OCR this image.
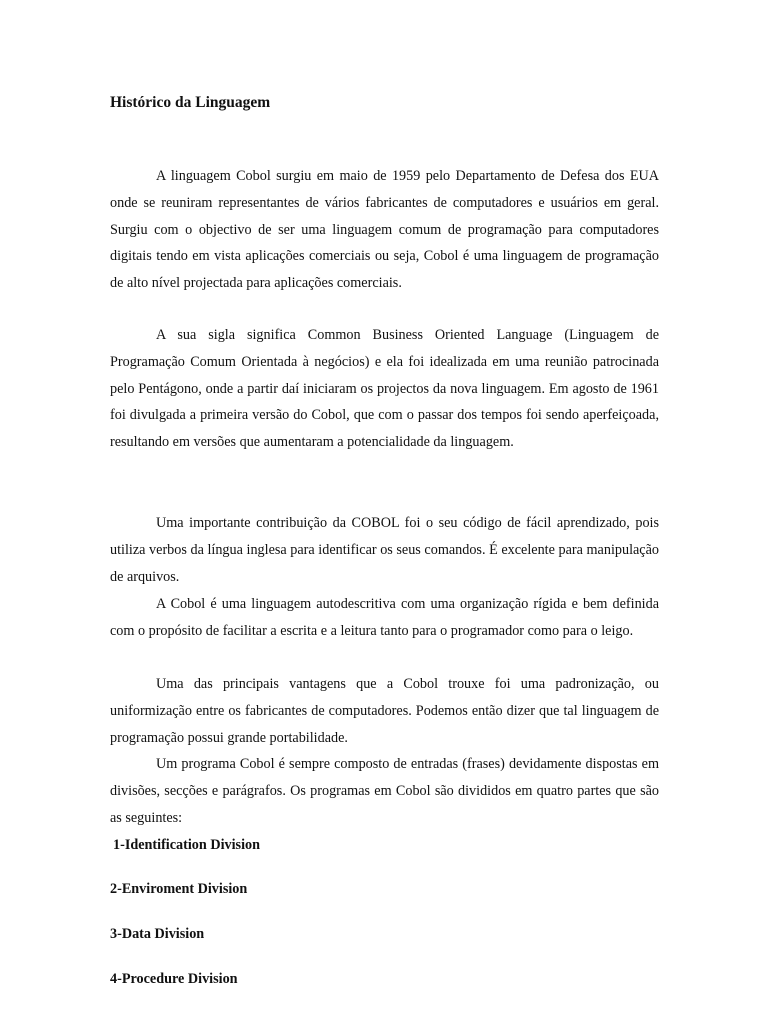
Histórico da Linguagem

A linguagem Cobol surgiu em maio de 1959 pelo Departamento de Defesa dos EUA onde se reuniram representantes de vários fabricantes de computadores e usuários em geral. Surgiu com o objectivo de ser uma linguagem comum de programação para computadores digitais tendo em vista aplicações comerciais ou seja, Cobol é uma linguagem de programação de alto nível projectada para aplicações comerciais.

A sua sigla significa Common Business Oriented Language (Linguagem de Programação Comum Orientada à negócios) e ela foi idealizada em uma reunião patrocinada pelo Pentágono, onde a partir daí iniciaram os projectos da nova linguagem. Em agosto de 1961 foi divulgada a primeira versão do Cobol, que com o passar dos tempos foi sendo aperfeiçoada, resultando em versões que aumentaram a potencialidade da linguagem.

Uma importante contribuição da COBOL foi o seu código de fácil aprendizado, pois utiliza verbos da língua inglesa para identificar os seus comandos. É excelente para manipulação de arquivos.

A Cobol é uma linguagem autodescritiva com uma organização rígida e bem definida com o propósito de facilitar a escrita e a leitura tanto para o programador como para o leigo.

Uma das principais vantagens que a Cobol trouxe foi uma padronização, ou uniformização entre os fabricantes de computadores. Podemos então dizer que tal linguagem de programação possui grande portabilidade.

Um programa Cobol é sempre composto de entradas (frases) devidamente dispostas em divisões, secções e parágrafos. Os programas em Cobol são divididos em quatro partes que são as seguintes:

1-Identification Division

2-Enviroment Division

3-Data Division

4-Procedure Division
